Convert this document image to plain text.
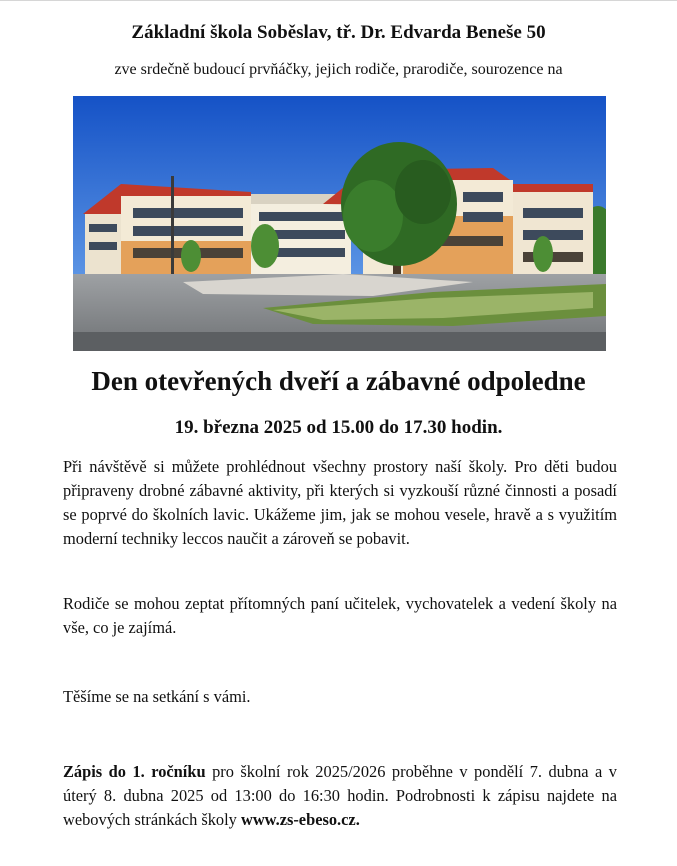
Základní škola Soběslav, tř. Dr. Edvarda Beneše 50
zve srdečně budoucí prvňáčky, jejich rodiče, prarodiče, sourozence na
Den otevřených dveří a zábavné odpoledne
19. března 2025 od 15.00 do 17.30 hodin.

Při návštěvě si můžete prohlédnout všechny prostory naší školy. Pro děti budou připraveny drobné zábavné aktivity, při kterých si vyzkouší různé činnosti a posadí se poprvé do školních lavic. Ukážeme jim, jak se mohou vesele, hravě a s využitím moderní techniky leccos naučit a zároveň se pobavit.

Rodiče se mohou zeptat přítomných paní učitelek, vychovatelek a vedení školy na vše, co je zajímá.

Těšíme se na setkání s vámi.

Zápis do 1. ročníku pro školní rok 2025/2026 proběhne v pondělí 7. dubna a v úterý 8. dubna 2025 od 13:00 do 16:30 hodin. Podrobnosti k zápisu najdete na webových stránkách školy www.zs-ebeso.cz.
